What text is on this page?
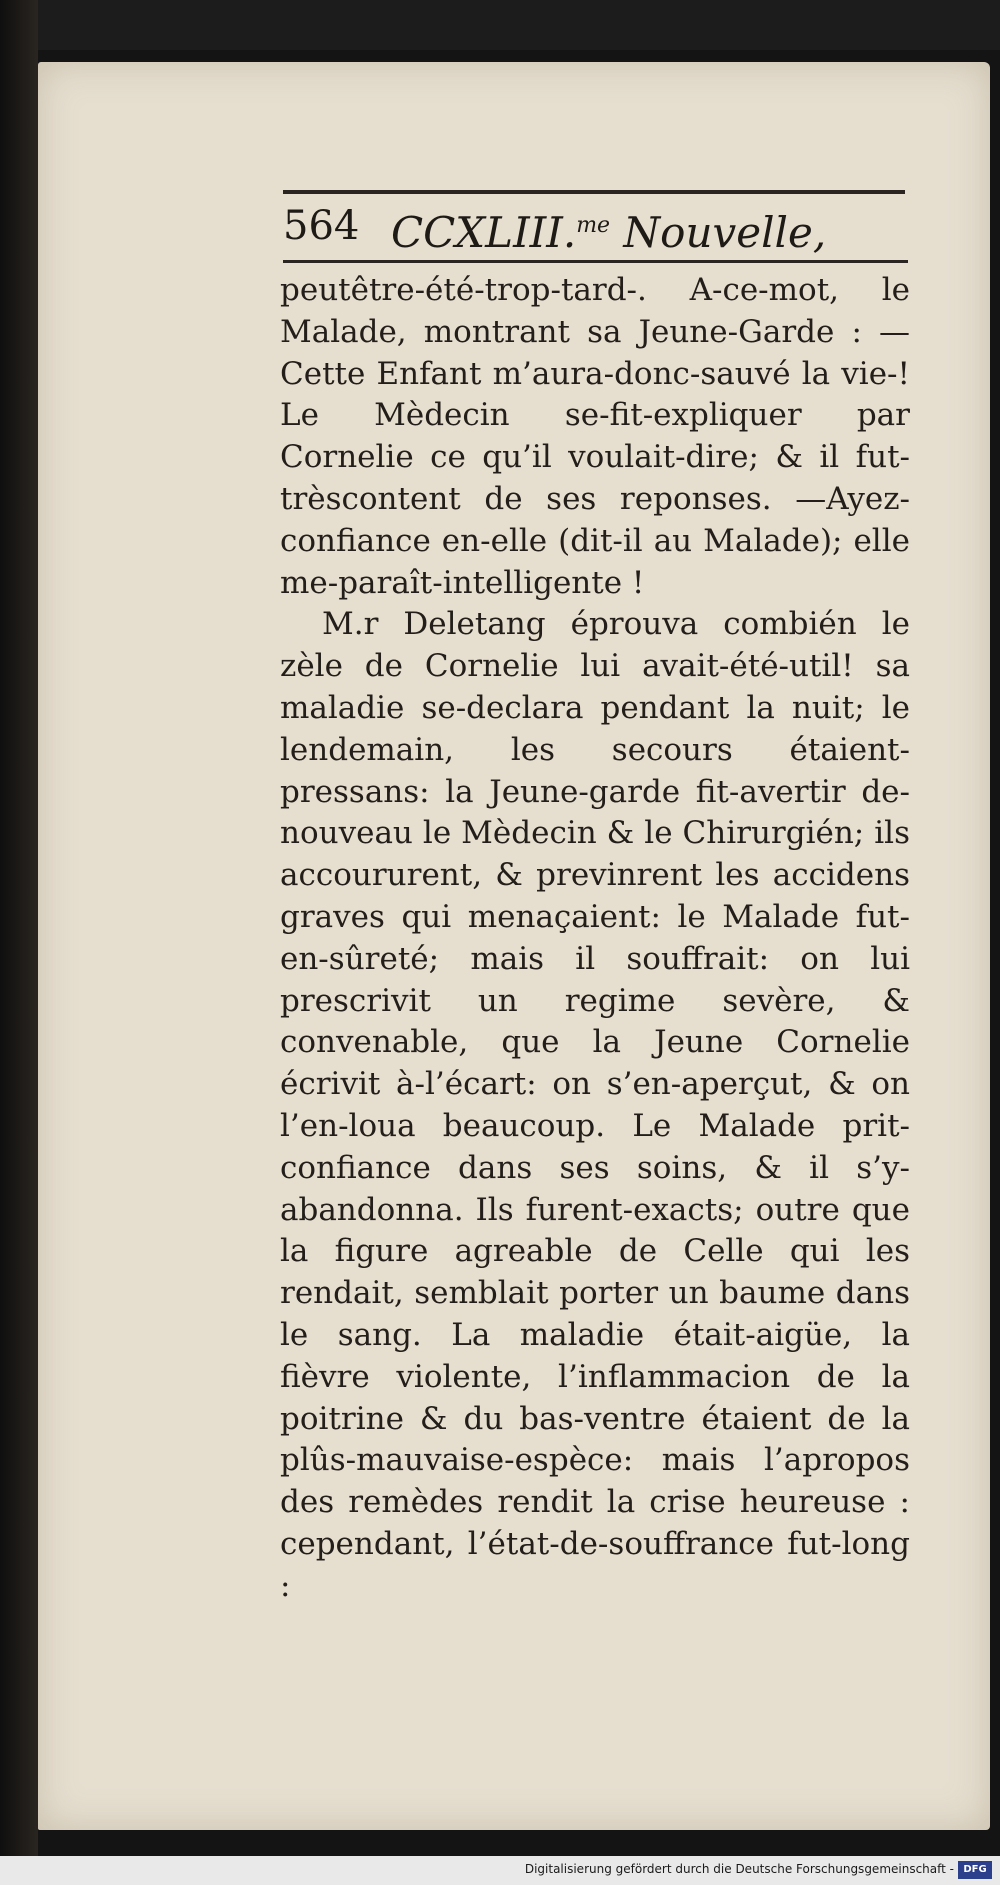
564 CCXLIII.$^{me}$ Nouvelle,

peutêtre-été-trop-tard-. A-ce-mot, le Malade, montrant sa Jeune-Garde : —Cette Enfant m’aura-donc-sauvé la vie-! Le Mèdecin se-fit-expliquer par Cornelie ce qu’il voulait-dire; & il fut-trèscontent de ses reponses. —Ayez-confiance en-elle (dit-il au Malade); elle me-paraît-intelligente !

M.r Deletang éprouva combién le zèle de Cornelie lui avait-été-util! sa maladie se-declara pendant la nuit; le lendemain, les secours étaient-pressans: la Jeune-garde fit-avertir de-nouveau le Mèdecin & le Chirurgién; ils accoururent, & previnrent les accidens graves qui menaçaient: le Malade fut-en-sûreté; mais il souffrait: on lui prescrivit un regime sevère, & convenable, que la Jeune Cornelie écrivit à-l’écart: on s’en-aperçut, & on l’en-loua beaucoup. Le Malade prit-confiance dans ses soins, & il s’y-abandonna. Ils furent-exacts; outre que la figure agreable de Celle qui les rendait, semblait porter un baume dans le sang. La maladie était-aigüe, la fièvre violente, l’inflammacion de la poitrine & du bas-ventre étaient de la plûs-mauvaise-espèce: mais l’apropos des remèdes rendit la crise heureuse : cependant, l’état-de-souffrance fut-long :

Digitalisierung gefördert durch die Deutsche Forschungsgemeinschaft - DFG
